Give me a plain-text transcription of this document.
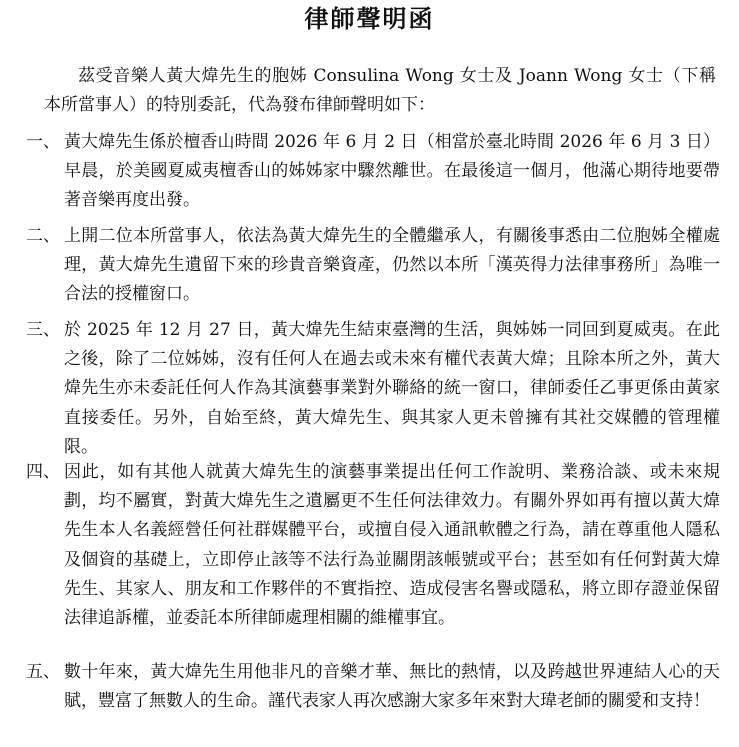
律師聲明函
茲受音樂人黃大煒先生的胞姊 Consulina Wong 女士及 Joann Wong 女士（下稱本所當事人）的特別委託，代為發布律師聲明如下：
一、 黃大煒先生係於檀香山時間 2026 年 6 月 2 日（相當於臺北時間 2026 年 6 月 3 日）早晨，於美國夏威夷檀香山的姊姊家中驟然離世。在最後這一個月，他滿心期待地要帶著音樂再度出發。
二、 上開二位本所當事人，依法為黃大煒先生的全體繼承人，有關後事悉由二位胞姊全權處理，黃大煒先生遺留下來的珍貴音樂資產，仍然以本所「漢英得力法律事務所」為唯一合法的授權窗口。
三、 於 2025 年 12 月 27 日，黃大煒先生結束臺灣的生活，與姊姊一同回到夏威夷。在此之後，除了二位姊姊，沒有任何人在過去或未來有權代表黃大煒；且除本所之外，黃大煒先生亦未委託任何人作為其演藝事業對外聯絡的統一窗口，律師委任乙事更係由黃家直接委任。另外，自始至終，黃大煒先生、與其家人更未曾擁有其社交媒體的管理權限。
四、 因此，如有其他人就黃大煒先生的演藝事業提出任何工作說明、業務洽談、或未來規劃，均不屬實，對黃大煒先生之遺屬更不生任何法律效力。有關外界如再有擅以黃大煒先生本人名義經營任何社群媒體平台，或擅自侵入通訊軟體之行為，請在尊重他人隱私及個資的基礎上，立即停止該等不法行為並關閉該帳號或平台；甚至如有任何對黃大煒先生、其家人、朋友和工作夥伴的不實指控、造成侵害名譽或隱私，將立即存證並保留法律追訴權，並委託本所律師處理相關的維權事宜。
五、 數十年來，黃大煒先生用他非凡的音樂才華、無比的熱情，以及跨越世界連結人心的天賦，豐富了無數人的生命。謹代表家人再次感謝大家多年來對大瑋老師的關愛和支持！
